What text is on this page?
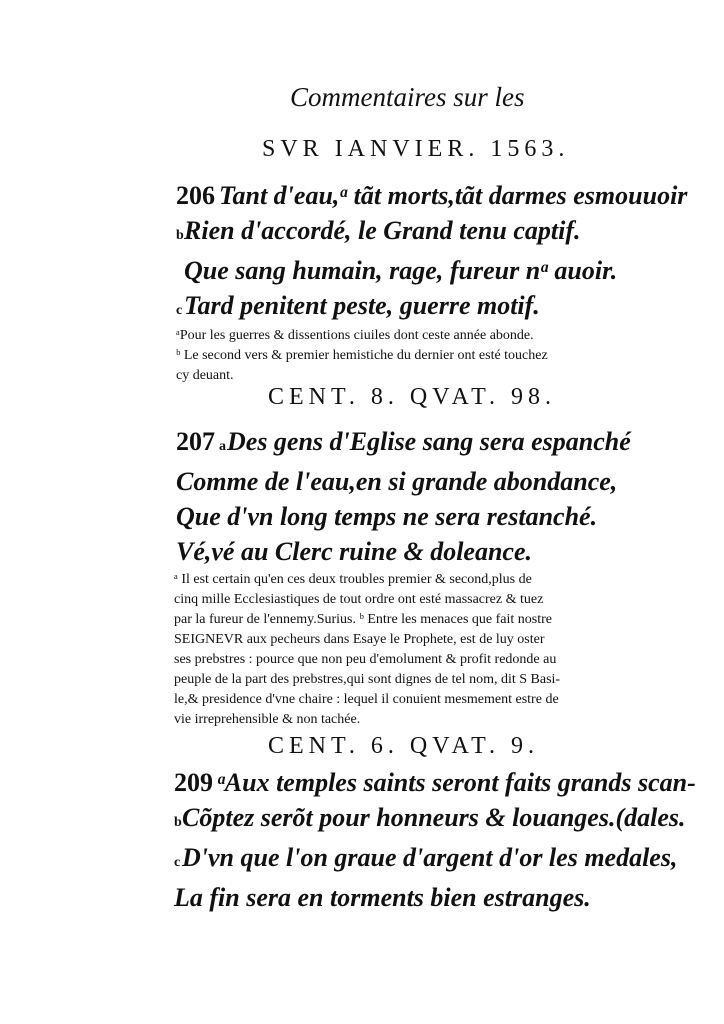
Commentaires sur les
SVR IANVIER. 1563.
206 Tant d'eau,ᵃ tãt morts,tãt darmes esmouuoir
bRien d'accordé, le Grand tenu captif.
Que sang humain, rage, fureur nᵃ auoir.
cTard penitent peste, guerre motif.
ᵃPour les guerres & dissentions ciuiles dont ceste année abonde.
ᵇ Le second vers & premier hemistiche du dernier ont esté touchez
cy deuant.
CENT. 8. QVAT. 98.
207 aDes gens d'Eglise sang sera espanché
Comme de l'eau,en si grande abondance,
Que d'vn long temps ne sera restanché.
Vé,vé au Clerc ruine & doleance.
ᵃ Il est certain qu'en ces deux troubles premier & second,plus de
cinq mille Ecclesiastiques de tout ordre ont esté massacrez & tuez
par la fureur de l'ennemy.Surius. ᵇ Entre les menaces que fait nostre
SEIGNEVR aux pecheurs dans Esaye le Prophete, est de luy oster
ses prebstres : pource que non peu d'emolument & profit redonde au
peuple de la part des prebstres,qui sont dignes de tel nom, dit S Basi-
le,& presidence d'vne chaire : lequel il conuient mesmement estre de
vie irreprehensible & non tachée.
CENT. 6. QVAT. 9.
209 ᵃAux temples saints seront faits grands scan-
bCõptez serõt pour honneurs & louanges.(dales.
cD'vn que l'on graue d'argent d'or les medales,
La fin sera en torments bien estranges.
